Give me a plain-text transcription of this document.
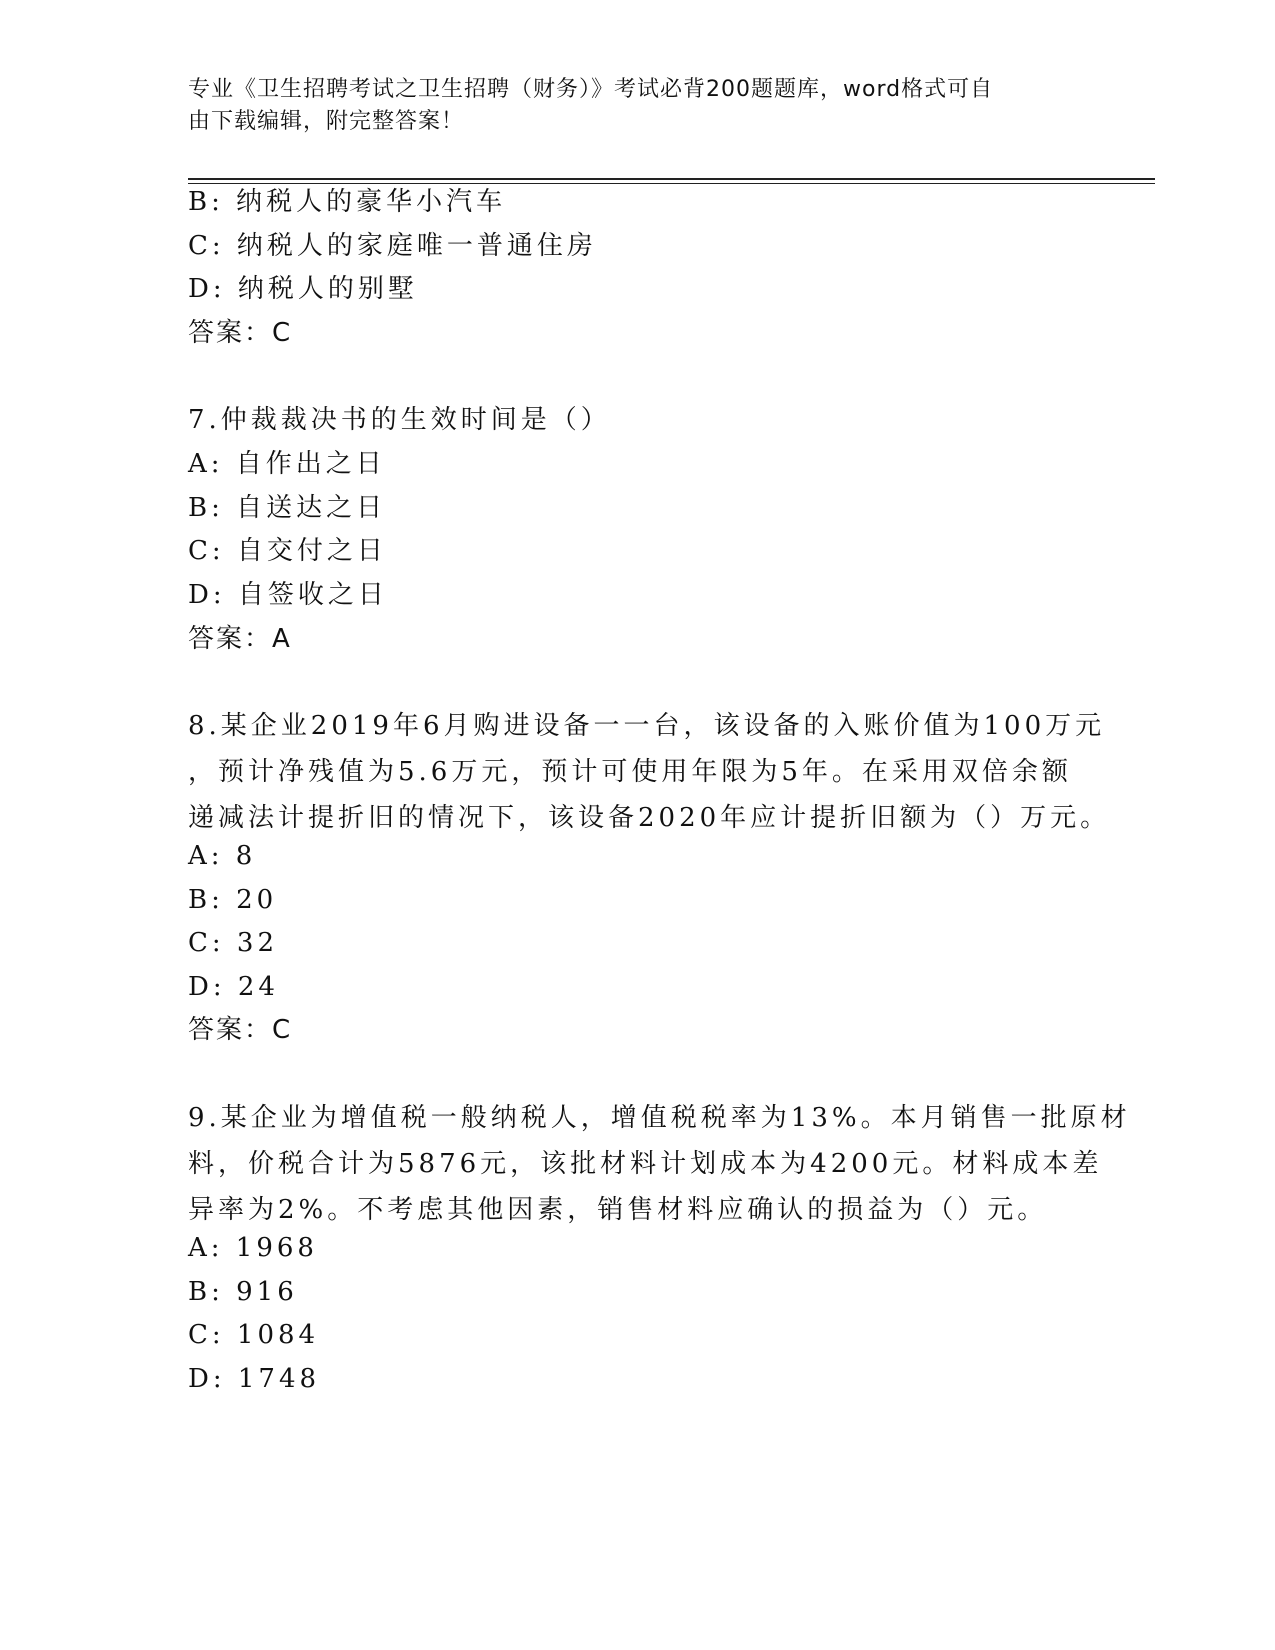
专业《卫生招聘考试之卫生招聘（财务）》考试必背200题题库，word格式可自
由下载编辑，附完整答案！
B: 纳税人的豪华小汽车
C: 纳税人的家庭唯一普通住房
D: 纳税人的别墅
答案：C
7.仲裁裁决书的生效时间是（）
A: 自作出之日
B: 自送达之日
C: 自交付之日
D: 自签收之日
答案：A
8.某企业2019年6月购进设备一一台，该设备的入账价值为100万元
，预计净残值为5.6万元，预计可使用年限为5年。在采用双倍余额
递减法计提折旧的情况下，该设备2020年应计提折旧额为（）万元。
A: 8
B: 20
C: 32
D: 24
答案：C
9.某企业为增值税一般纳税人，增值税税率为13%。本月销售一批原材
料，价税合计为5876元，该批材料计划成本为4200元。材料成本差
异率为2%。不考虑其他因素，销售材料应确认的损益为（）元。
A: 1968
B: 916
C: 1084
D: 1748
